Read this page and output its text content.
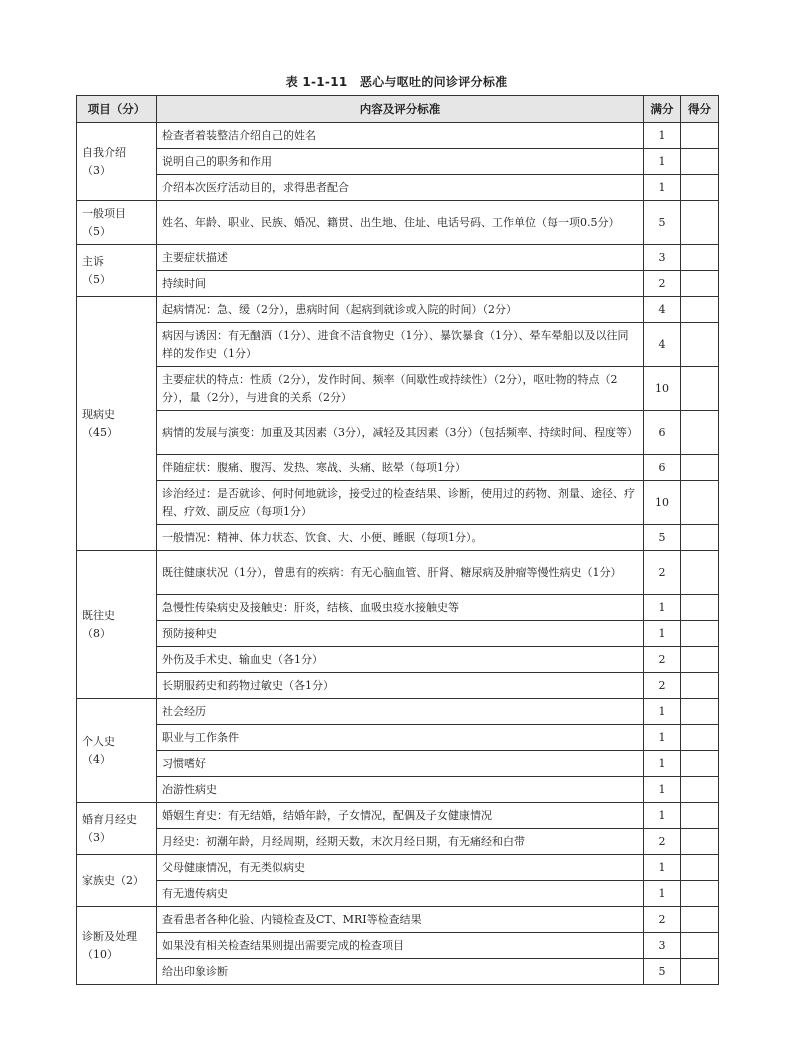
表 1-1-11　恶心与呕吐的问诊评分标准
项目（分）	内容及评分标准	满分	得分
自我介绍
（3）	检查者着装整洁介绍自己的姓名	1	
	说明自己的职务和作用	1	
	介绍本次医疗活动目的，求得患者配合	1	
一般项目
（5）	姓名、年龄、职业、民族、婚况、籍贯、出生地、住址、电话号码、工作单位（每一项0.5分）	5	
主诉
（5）	主要症状描述	3	
	持续时间	2	
现病史
（45）	起病情况：急、缓（2分），患病时间（起病到就诊或入院的时间）（2分）	4	
	病因与诱因：有无酗酒（1分）、进食不洁食物史（1分）、暴饮暴食（1分）、晕车晕船以及以往同样的发作史（1分）	4	
	主要症状的特点：性质（2分），发作时间、频率（间歇性或持续性）（2分），呕吐物的特点（2分），量（2分），与进食的关系（2分）	10	
	病情的发展与演变：加重及其因素（3分），减轻及其因素（3分）（包括频率、持续时间、程度等）	6	
	伴随症状：腹痛、腹泻、发热、寒战、头痛、眩晕（每项1分）	6	
	诊治经过：是否就诊、何时何地就诊，接受过的检查结果、诊断，使用过的药物、剂量、途径、疗程、疗效、副反应（每项1分）	10	
	一般情况：精神、体力状态、饮食、大、小便、睡眠（每项1分）。	5	
既往史
（8）	既往健康状况（1分），曾患有的疾病：有无心脑血管、肝肾、糖尿病及肿瘤等慢性病史（1分）	2	
	急慢性传染病史及接触史：肝炎，结核、血吸虫疫水接触史等	1	
	预防接种史	1	
	外伤及手术史、输血史（各1分）	2	
	长期服药史和药物过敏史（各1分）	2	
个人史
（4）	社会经历	1	
	职业与工作条件	1	
	习惯嗜好	1	
	冶游性病史	1	
婚育月经史
（3）	婚姻生育史：有无结婚，结婚年龄，子女情况，配偶及子女健康情况	1	
	月经史：初潮年龄，月经周期，经期天数，末次月经日期，有无痛经和白带	2	
家族史（2）	父母健康情况，有无类似病史	1	
	有无遗传病史	1	
诊断及处理
（10）	查看患者各种化验、内镜检查及CT、MRI等检查结果	2	
	如果没有相关检查结果则提出需要完成的检查项目	3	
	给出印象诊断	5	
